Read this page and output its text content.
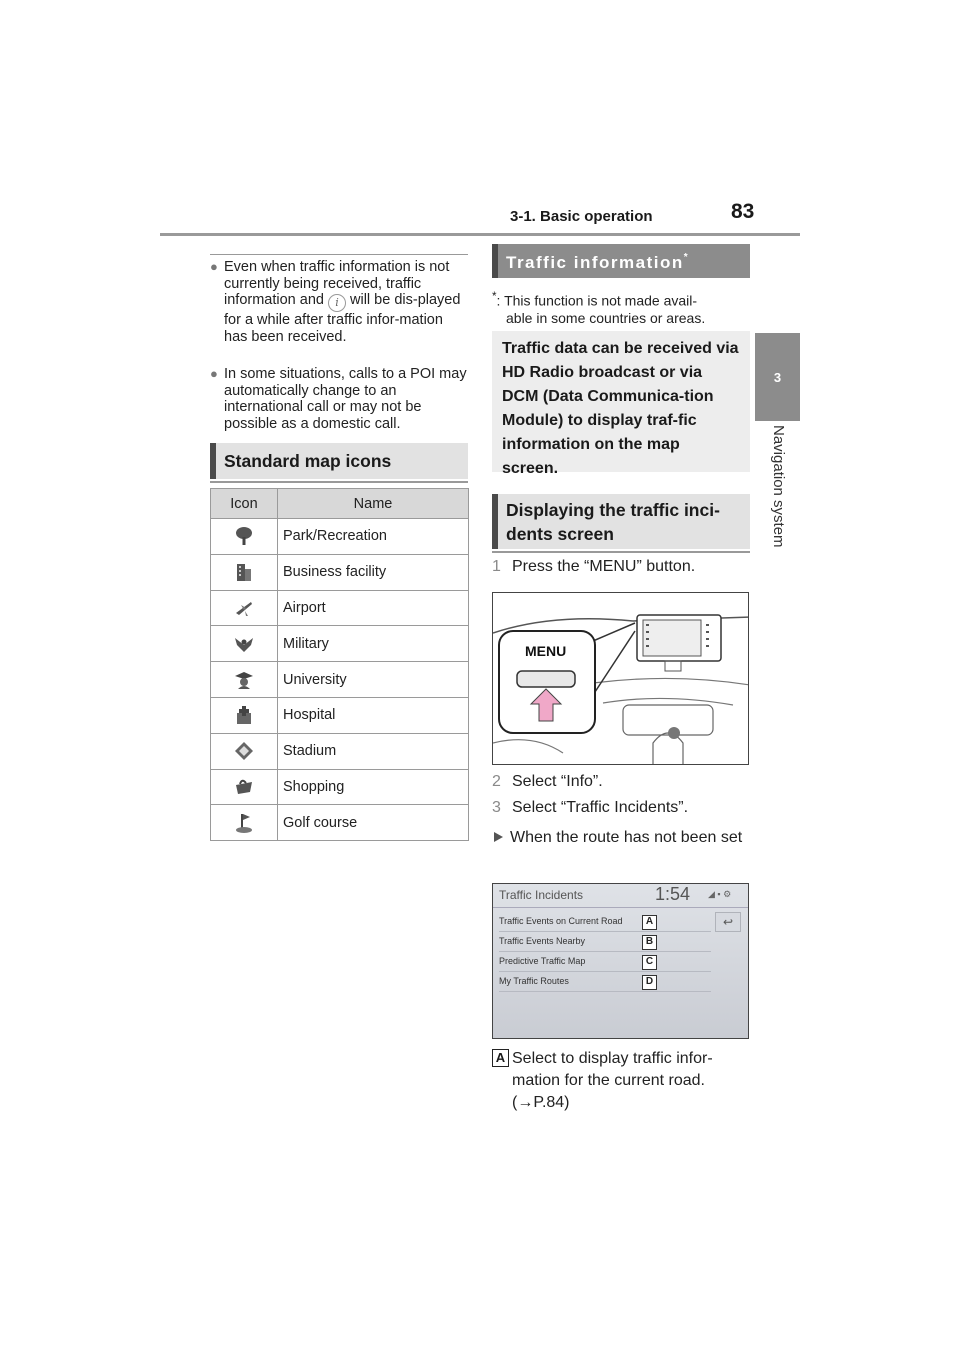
3-1. Basic operation	83
3
Navigation system
● Even when traffic information is not currently being received, traffic information and i will be dis-played for a while after traffic infor-mation has been received.
● In some situations, calls to a POI may automatically change to an international call or may not be possible as a domestic call.
Standard map icons
Icon	Name
	Park/Recreation
	Business facility
	Airport
	Military
	University
	Hospital
	Stadium
	Shopping
	Golf course
Traffic information*
*: This function is not made avail-
able in some countries or areas.
Traffic data can be received via HD Radio broadcast or via DCM (Data Communica-tion Module) to display traf-fic information on the map screen.
Displaying the traffic inci-dents screen
1 Press the “MENU” button.
MENU
2 Select “Info”.
3 Select “Traffic Incidents”.
When the route has not been set
Traffic Incidents	1:54 ◢ ▪ ⚙
↩
Traffic Events on Current Road	A
Traffic Events Nearby	B
Predictive Traffic Map	C
My Traffic Routes	D
A Select to display traffic infor-mation for the current road.
(→P.84)
